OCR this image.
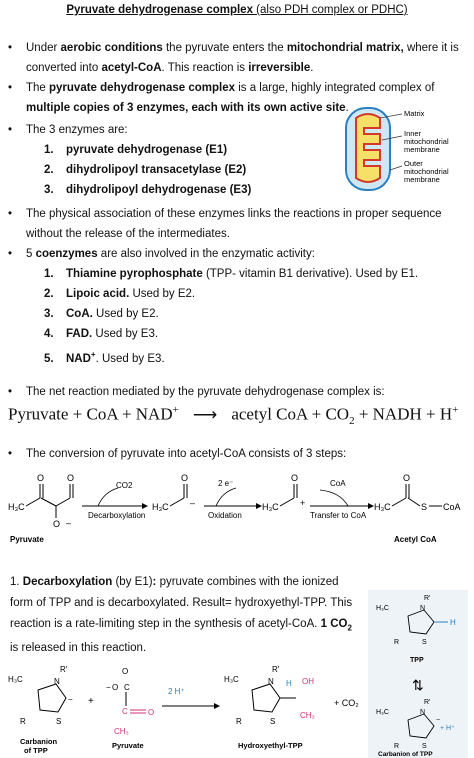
Pyruvate dehydrogenase complex (also PDH complex or PDHC)
•	Under aerobic conditions the pyruvate enters the mitochondrial matrix, where it is converted into acetyl-CoA. This reaction is irreversible.
•	The pyruvate dehydrogenase complex is a large, highly integrated complex of multiple copies of 3 enzymes, each with its own active site.
•	The 3 enzymes are:
1. pyruvate dehydrogenase (E1)
2. dihydrolipoyl transacetylase (E2)
3. dihydrolipoyl dehydrogenase (E3)
Matrix
Inner
mitochondrial
membrane
Outer
mitochondrial
membrane
•	The physical association of these enzymes links the reactions in proper sequence without the release of the intermediates.
•	5 coenzymes are also involved in the enzymatic activity:
1. Thiamine pyrophosphate (TPP- vitamin B1 derivative). Used by E1.
2. Lipoic acid. Used by E2.
3. CoA. Used by E2.
4. FAD. Used by E3.
5. NAD+. Used by E3.
•	The net reaction mediated by the pyruvate dehydrogenase complex is:
Pyruvate + CoA + NAD+ ⟶ acetyl CoA + $CO_2$ + NADH + H+
•	The conversion of pyruvate into acetyl-CoA consists of 3 steps:
H₃C
O	O
O –
Pyruvate
CO2
Decarboxylation
H₃C
O
–
2 e⁻
Oxidation
H₃C
O
+
CoA
Transfer to CoA
H₃C
O
S CoA
Acetyl CoA
1. Decarboxylation (by E1): pyruvate combines with the ionized form of TPP and is decarboxylated. Result= hydroxyethyl-TPP. This reaction is a rate-limiting step in the synthesis of acetyl-CoA. 1 $CO_2$ is released in this reaction.
H₃C	N
R′
S
R
H
TPP
⇅
H₃C	N
R′
S
R
−
+ H⁺
Carbanion of TPP
H₃C	N
R′
S
R
−
Carbanion
of TPP
+
O
− O C
C	O
CH₃
Pyruvate
2 H⁺
H₃C	N
R′
S
R
H OH
CH₃
Hydroxyethyl-TPP
+ CO₂
